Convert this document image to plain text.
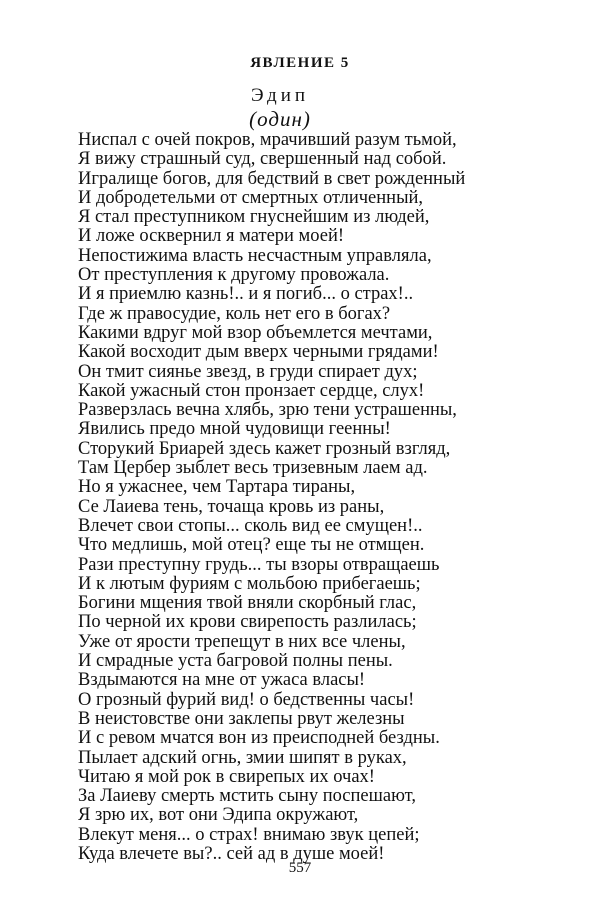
ЯВЛЕНИЕ 5
Эдип
(один)
Ниспал с очей покров, мрачивший разум тьмой,
Я вижу страшный суд, свершенный над собой.
Игралище богов, для бедствий в свет рожденный
И добродетельми от смертных отличенный,
Я стал преступником гнуснейшим из людей,
И ложе осквернил я матери моей!
Непостижима власть несчастным управляла,
От преступления к другому провожала.
И я приемлю казнь!.. и я погиб... о страх!..
Где ж правосудие, коль нет его в богах?
Какими вдруг мой взор объемлется мечтами,
Какой восходит дым вверх черными грядами!
Он тмит сиянье звезд, в груди спирает дух;
Какой ужасный стон пронзает сердце, слух!
Разверзлась вечна хлябь, зрю тени устрашенны,
Явились предо мной чудовищи геенны!
Сторукий Бриарей здесь кажет грозный взгляд,
Там Цербер зыблет весь тризевным лаем ад.
Но я ужаснее, чем Тартара тираны,
Се Лаиева тень, точаща кровь из раны,
Влечет свои стопы... сколь вид ее смущен!..
Что медлишь, мой отец? еще ты не отмщен.
Рази преступну грудь... ты взоры отвращаешь
И к лютым фуриям с мольбою прибегаешь;
Богини мщения твой вняли скорбный глас,
По черной их крови свирепость разлилась;
Уже от ярости трепещут в них все члены,
И смрадные уста багровой полны пены.
Вздымаются на мне от ужаса власы!
О грозный фурий вид! о бедственны часы!
В неистовстве они заклепы рвут железны
И с ревом мчатся вон из преисподней бездны.
Пылает адский огнь, змии шипят в руках,
Читаю я мой рок в свирепых их очах!
За Лаиеву смерть мстить сыну поспешают,
Я зрю их, вот они Эдипа окружают,
Влекут меня... о страх! внимаю звук цепей;
Куда влечете вы?.. сей ад в душе моей!
557
